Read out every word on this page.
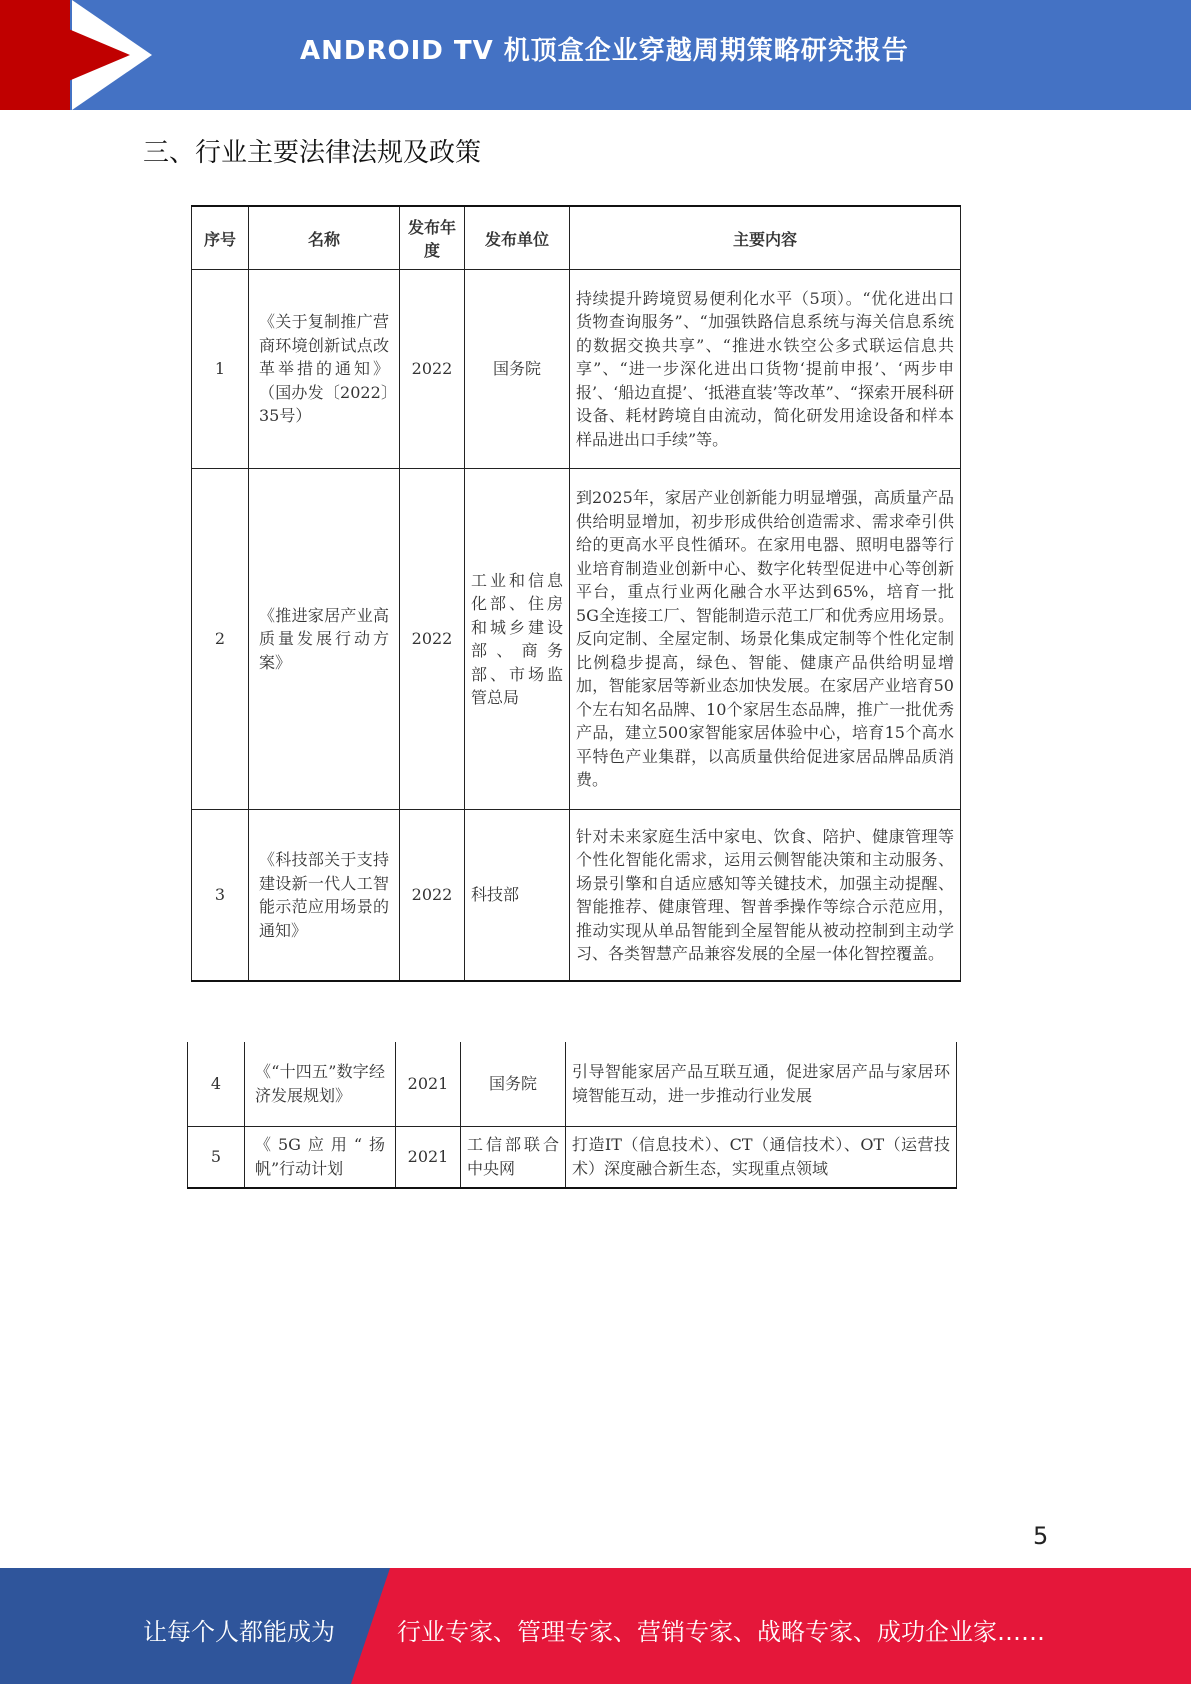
ANDROID TV 机顶盒企业穿越周期策略研究报告
三、行业主要法律法规及政策
序号	名称	发布年度	发布单位	主要内容
1	《关于复制推广营商环境创新试点改革举措的通知》（国办发〔2022〕35号）	2022	国务院	持续提升跨境贸易便利化水平（5项）。“优化进出口货物查询服务”、“加强铁路信息系统与海关信息系统的数据交换共享”、“推进水铁空公多式联运信息共享”、“进一步深化进出口货物‘提前申报’、‘两步申报’、‘船边直提’、‘抵港直装’等改革”、“探索开展科研设备、耗材跨境自由流动，简化研发用途设备和样本样品进出口手续”等。
2	《推进家居产业高质量发展行动方案》	2022	工业和信息化部、住房和城乡建设部、商务部、市场监管总局	到2025年，家居产业创新能力明显增强，高质量产品供给明显增加，初步形成供给创造需求、需求牵引供给的更高水平良性循环。在家用电器、照明电器等行业培育制造业创新中心、数字化转型促进中心等创新平台，重点行业两化融合水平达到65%，培育一批5G全连接工厂、智能制造示范工厂和优秀应用场景。反向定制、全屋定制、场景化集成定制等个性化定制比例稳步提高，绿色、智能、健康产品供给明显增加，智能家居等新业态加快发展。在家居产业培育50个左右知名品牌、10个家居生态品牌，推广一批优秀产品，建立500家智能家居体验中心，培育15个高水平特色产业集群，以高质量供给促进家居品牌品质消费。
3	《科技部关于支持建设新一代人工智能示范应用场景的通知》	2022	科技部	针对未来家庭生活中家电、饮食、陪护、健康管理等个性化智能化需求，运用云侧智能决策和主动服务、场景引擎和自适应感知等关键技术，加强主动提醒、智能推荐、健康管理、智普季操作等综合示范应用，推动实现从单品智能到全屋智能从被动控制到主动学习、各类智慧产品兼容发展的全屋一体化智控覆盖。
4	《“十四五”数字经济发展规划》	2021	国务院	引导智能家居产品互联互通，促进家居产品与家居环境智能互动，进一步推动行业发展
5	《5G应用“扬帆”行动计划	2021	工信部联合中央网	打造IT（信息技术）、CT（通信技术）、OT（运营技术）深度融合新生态，实现重点领域
5
让每个人都能成为	行业专家、管理专家、营销专家、战略专家、成功企业家……
